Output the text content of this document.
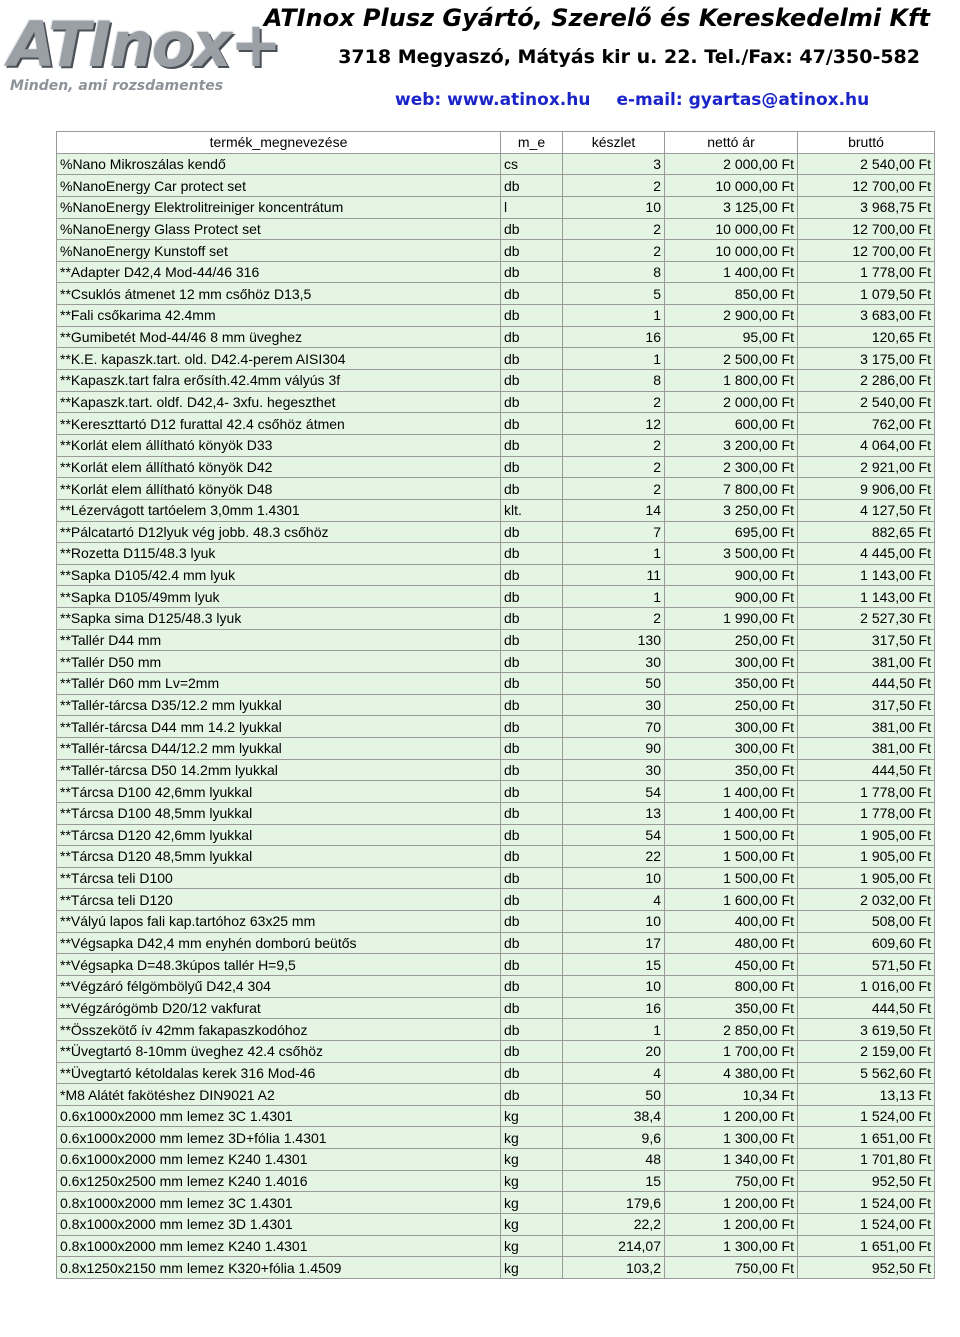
ATInox+
Minden, ami rozsdamentes
ATInox Plusz Gyártó, Szerelő és Kereskedelmi Kft
3718 Megyaszó, Mátyás kir u. 22. Tel./Fax: 47/350-582
web: www.atinox.hu e-mail: gyartas@atinox.hu
termék_megnevezése	m_e	készlet	nettó ár	bruttó
%Nano Mikroszálas kendő	cs	3	2 000,00 Ft	2 540,00 Ft
%NanoEnergy Car protect set	db	2	10 000,00 Ft	12 700,00 Ft
%NanoEnergy Elektrolitreiniger koncentrátum	l	10	3 125,00 Ft	3 968,75 Ft
%NanoEnergy Glass Protect set	db	2	10 000,00 Ft	12 700,00 Ft
%NanoEnergy Kunstoff set	db	2	10 000,00 Ft	12 700,00 Ft
**Adapter D42,4 Mod-44/46 316	db	8	1 400,00 Ft	1 778,00 Ft
**Csuklós átmenet 12 mm csőhöz D13,5	db	5	850,00 Ft	1 079,50 Ft
**Fali csőkarima 42.4mm	db	1	2 900,00 Ft	3 683,00 Ft
**Gumibetét Mod-44/46 8 mm üveghez	db	16	95,00 Ft	120,65 Ft
**K.E. kapaszk.tart. old. D42.4-perem AISI304	db	1	2 500,00 Ft	3 175,00 Ft
**Kapaszk.tart falra erősíth.42.4mm vályús 3f	db	8	1 800,00 Ft	2 286,00 Ft
**Kapaszk.tart. oldf. D42,4- 3xfu. hegeszthet	db	2	2 000,00 Ft	2 540,00 Ft
**Kereszttartó D12 furattal 42.4 csőhöz átmen	db	12	600,00 Ft	762,00 Ft
**Korlát elem állítható könyök D33	db	2	3 200,00 Ft	4 064,00 Ft
**Korlát elem állítható könyök D42	db	2	2 300,00 Ft	2 921,00 Ft
**Korlát elem állítható könyök D48	db	2	7 800,00 Ft	9 906,00 Ft
**Lézervágott tartóelem 3,0mm 1.4301	klt.	14	3 250,00 Ft	4 127,50 Ft
**Pálcatartó D12lyuk vég jobb. 48.3 csőhöz	db	7	695,00 Ft	882,65 Ft
**Rozetta D115/48.3 lyuk	db	1	3 500,00 Ft	4 445,00 Ft
**Sapka D105/42.4 mm lyuk	db	11	900,00 Ft	1 143,00 Ft
**Sapka D105/49mm lyuk	db	1	900,00 Ft	1 143,00 Ft
**Sapka sima D125/48.3 lyuk	db	2	1 990,00 Ft	2 527,30 Ft
**Tallér D44 mm	db	130	250,00 Ft	317,50 Ft
**Tallér D50 mm	db	30	300,00 Ft	381,00 Ft
**Tallér D60 mm Lv=2mm	db	50	350,00 Ft	444,50 Ft
**Tallér-tárcsa D35/12.2 mm lyukkal	db	30	250,00 Ft	317,50 Ft
**Tallér-tárcsa D44 mm 14.2 lyukkal	db	70	300,00 Ft	381,00 Ft
**Tallér-tárcsa D44/12.2 mm lyukkal	db	90	300,00 Ft	381,00 Ft
**Tallér-tárcsa D50 14.2mm lyukkal	db	30	350,00 Ft	444,50 Ft
**Tárcsa D100 42,6mm lyukkal	db	54	1 400,00 Ft	1 778,00 Ft
**Tárcsa D100 48,5mm lyukkal	db	13	1 400,00 Ft	1 778,00 Ft
**Tárcsa D120 42,6mm lyukkal	db	54	1 500,00 Ft	1 905,00 Ft
**Tárcsa D120 48,5mm lyukkal	db	22	1 500,00 Ft	1 905,00 Ft
**Tárcsa teli D100	db	10	1 500,00 Ft	1 905,00 Ft
**Tárcsa teli D120	db	4	1 600,00 Ft	2 032,00 Ft
**Vályú lapos fali kap.tartóhoz 63x25 mm	db	10	400,00 Ft	508,00 Ft
**Végsapka D42,4 mm enyhén domború beütős	db	17	480,00 Ft	609,60 Ft
**Végsapka D=48.3kúpos tallér H=9,5	db	15	450,00 Ft	571,50 Ft
**Végzáró félgömbölyű D42,4 304	db	10	800,00 Ft	1 016,00 Ft
**Végzárógömb D20/12 vakfurat	db	16	350,00 Ft	444,50 Ft
**Összekötő ív 42mm fakapaszkodóhoz	db	1	2 850,00 Ft	3 619,50 Ft
**Üvegtartó 8-10mm üveghez 42.4 csőhöz	db	20	1 700,00 Ft	2 159,00 Ft
**Üvegtartó kétoldalas kerek 316 Mod-46	db	4	4 380,00 Ft	5 562,60 Ft
*M8 Alátét fakötéshez DIN9021 A2	db	50	10,34 Ft	13,13 Ft
0.6x1000x2000 mm lemez 3C 1.4301	kg	38,4	1 200,00 Ft	1 524,00 Ft
0.6x1000x2000 mm lemez 3D+fólia 1.4301	kg	9,6	1 300,00 Ft	1 651,00 Ft
0.6x1000x2000 mm lemez K240 1.4301	kg	48	1 340,00 Ft	1 701,80 Ft
0.6x1250x2500 mm lemez K240 1.4016	kg	15	750,00 Ft	952,50 Ft
0.8x1000x2000 mm lemez 3C 1.4301	kg	179,6	1 200,00 Ft	1 524,00 Ft
0.8x1000x2000 mm lemez 3D 1.4301	kg	22,2	1 200,00 Ft	1 524,00 Ft
0.8x1000x2000 mm lemez K240 1.4301	kg	214,07	1 300,00 Ft	1 651,00 Ft
0.8x1250x2150 mm lemez K320+fólia 1.4509	kg	103,2	750,00 Ft	952,50 Ft
